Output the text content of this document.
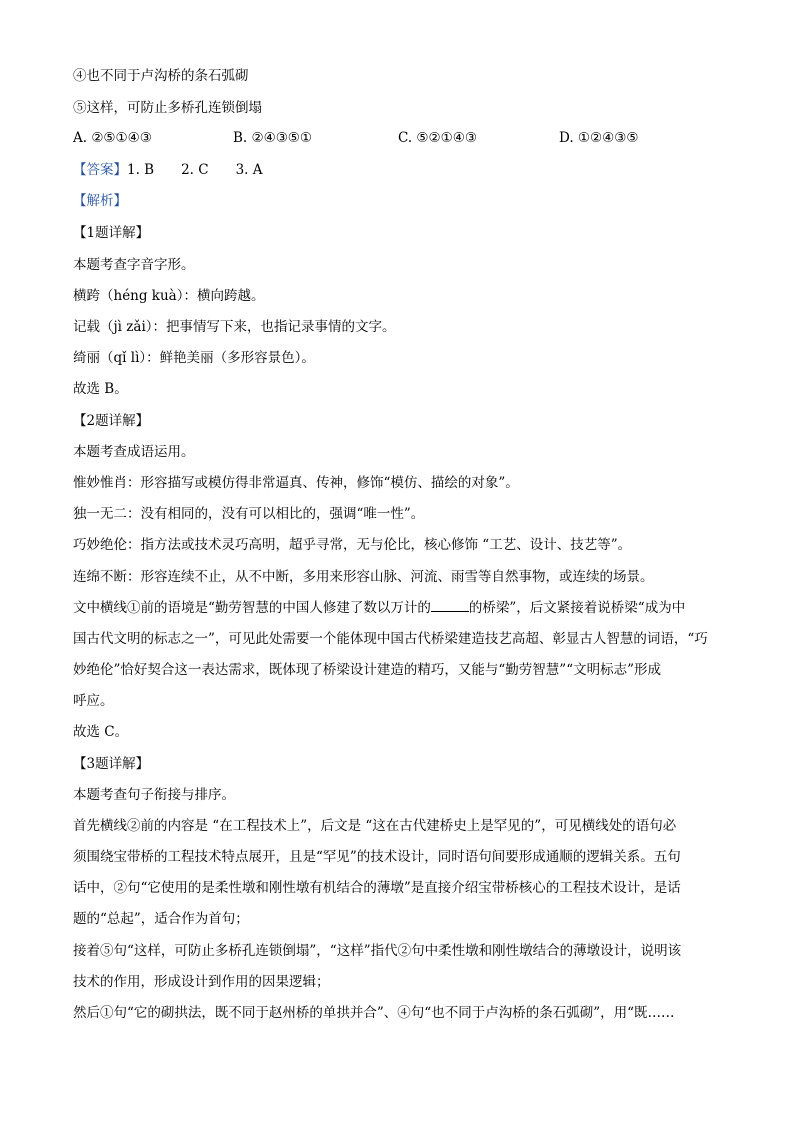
④也不同于卢沟桥的条石弧砌
⑤这样，可防止多桥孔连锁倒塌
A. ②⑤①④③	B. ②④③⑤①	C. ⑤②①④③	D. ①②④③⑤
【答案】1. B　　2. C　　3. A
【解析】
【1题详解】
本题考查字音字形。
横跨（héng kuà）：横向跨越。
记载（jì zǎi）：把事情写下来，也指记录事情的文字。
绮丽（qǐ lì）：鲜艳美丽（多形容景色）。
故选 B。
【2题详解】
本题考查成语运用。
惟妙惟肖：形容描写或模仿得非常逼真、传神，修饰“模仿、描绘的对象”。
独一无二：没有相同的，没有可以相比的，强调“唯一性”。
巧妙绝伦：指方法或技术灵巧高明，超乎寻常，无与伦比，核心修饰 “工艺、设计、技艺等”。
连绵不断：形容连续不止，从不中断，多用来形容山脉、河流、雨雪等自然事物，或连续的场景。
文中横线①前的语境是“勤劳智慧的中国人修建了数以万计的	的桥梁”，后文紧接着说桥梁“成为中
国古代文明的标志之一”，可见此处需要一个能体现中国古代桥梁建造技艺高超、彰显古人智慧的词语，“巧
妙绝伦”恰好契合这一表达需求，既体现了桥梁设计建造的精巧，又能与“勤劳智慧”“文明标志”形成
呼应。
故选 C。
【3题详解】
本题考查句子衔接与排序。
首先横线②前的内容是 “在工程技术上”，后文是 “这在古代建桥史上是罕见的”，可见横线处的语句必
须围绕宝带桥的工程技术特点展开，且是“罕见”的技术设计，同时语句间要形成通顺的逻辑关系。五句
话中，②句“它使用的是柔性墩和刚性墩有机结合的薄墩”是直接介绍宝带桥核心的工程技术设计，是话
题的“总起”，适合作为首句；
接着⑤句“这样，可防止多桥孔连锁倒塌”，“这样”指代②句中柔性墩和刚性墩结合的薄墩设计，说明该
技术的作用，形成设计到作用的因果逻辑；
然后①句“它的砌拱法，既不同于赵州桥的单拱并合”、④句“也不同于卢沟桥的条石弧砌”，用“既……
